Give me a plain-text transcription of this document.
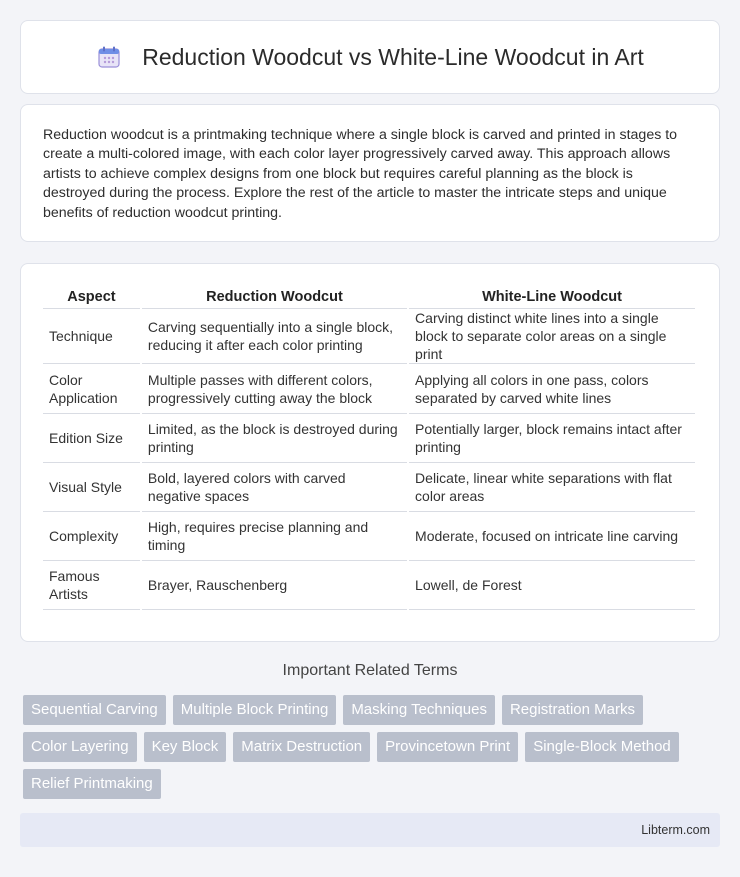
Reduction Woodcut vs White-Line Woodcut in Art

Reduction woodcut is a printmaking technique where a single block is carved and printed in stages to create a multi-colored image, with each color layer progressively carved away. This approach allows artists to achieve complex designs from one block but requires careful planning as the block is destroyed during the process. Explore the rest of the article to master the intricate steps and unique benefits of reduction woodcut printing.

Aspect	Reduction Woodcut	White-Line Woodcut
Technique	Carving sequentially into a single block, reducing it after each color printing	Carving distinct white lines into a single block to separate color areas on a single print
Color Application	Multiple passes with different colors, progressively cutting away the block	Applying all colors in one pass, colors separated by carved white lines
Edition Size	Limited, as the block is destroyed during printing	Potentially larger, block remains intact after printing
Visual Style	Bold, layered colors with carved negative spaces	Delicate, linear white separations with flat color areas
Complexity	High, requires precise planning and timing	Moderate, focused on intricate line carving
Famous Artists	Brayer, Rauschenberg	Lowell, de Forest
Important Related Terms
Sequential Carving	Multiple Block Printing	Masking Techniques	Registration Marks
Color Layering	Key Block	Matrix Destruction	Provincetown Print	Single-Block Method
Relief Printmaking
Libterm.com
